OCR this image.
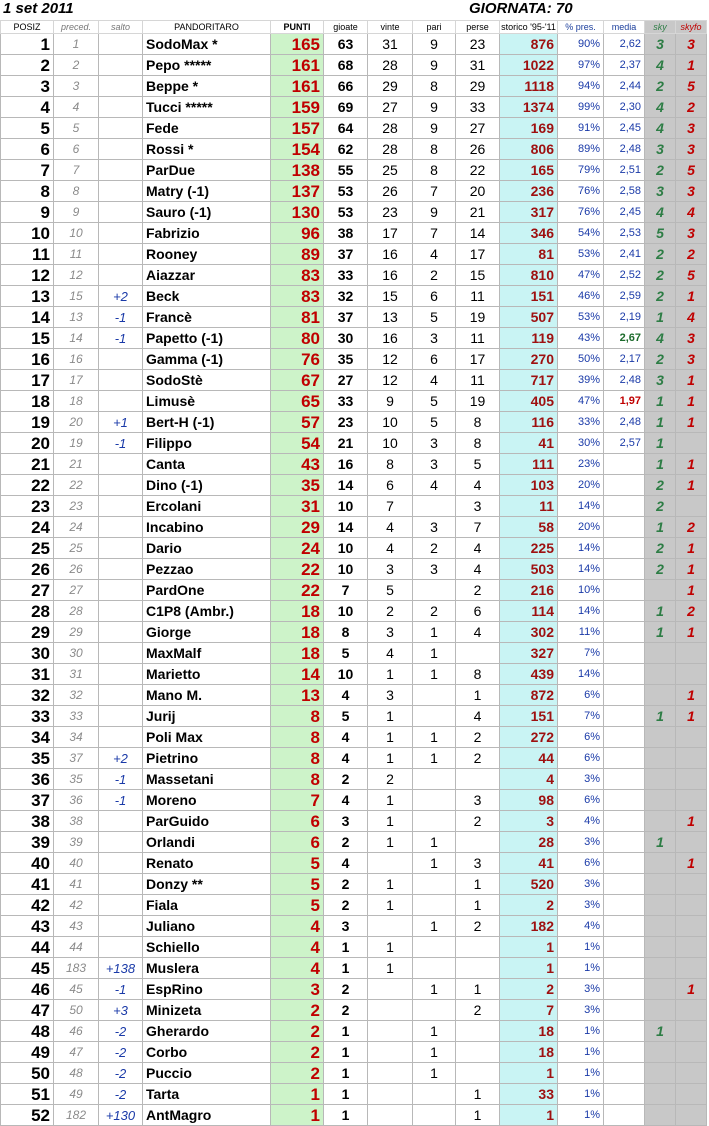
1 set 2011	GIORNATA: 70
POSIZ	preced.	salto	PANDORITARO	PUNTI	gioate	vinte	pari	perse	storico '95-'11	% pres.	media	sky	skyfo
1	1		SodoMax *	165	63	31	9	23	876	90%	2,62	3	3
2	2		Pepo *****	161	68	28	9	31	1022	97%	2,37	4	1
3	3		Beppe *	161	66	29	8	29	1118	94%	2,44	2	5
4	4		Tucci *****	159	69	27	9	33	1374	99%	2,30	4	2
5	5		Fede	157	64	28	9	27	169	91%	2,45	4	3
6	6		Rossi *	154	62	28	8	26	806	89%	2,48	3	3
7	7		ParDue	138	55	25	8	22	165	79%	2,51	2	5
8	8		Matry (-1)	137	53	26	7	20	236	76%	2,58	3	3
9	9		Sauro (-1)	130	53	23	9	21	317	76%	2,45	4	4
10	10		Fabrizio	96	38	17	7	14	346	54%	2,53	5	3
11	11		Rooney	89	37	16	4	17	81	53%	2,41	2	2
12	12		Aiazzar	83	33	16	2	15	810	47%	2,52	2	5
13	15	+2	Beck	83	32	15	6	11	151	46%	2,59	2	1
14	13	-1	Francè	81	37	13	5	19	507	53%	2,19	1	4
15	14	-1	Papetto (-1)	80	30	16	3	11	119	43%	2,67	4	3
16	16		Gamma (-1)	76	35	12	6	17	270	50%	2,17	2	3
17	17		SodoStè	67	27	12	4	11	717	39%	2,48	3	1
18	18		Limusè	65	33	9	5	19	405	47%	1,97	1	1
19	20	+1	Bert-H (-1)	57	23	10	5	8	116	33%	2,48	1	1
20	19	-1	Filippo	54	21	10	3	8	41	30%	2,57	1	
21	21		Canta	43	16	8	3	5	111	23%		1	1
22	22		Dino (-1)	35	14	6	4	4	103	20%		2	1
23	23		Ercolani	31	10	7		3	11	14%		2	
24	24		Incabino	29	14	4	3	7	58	20%		1	2
25	25		Dario	24	10	4	2	4	225	14%		2	1
26	26		Pezzao	22	10	3	3	4	503	14%		2	1
27	27		PardOne	22	7	5		2	216	10%			1
28	28		C1P8 (Ambr.)	18	10	2	2	6	114	14%		1	2
29	29		Giorge	18	8	3	1	4	302	11%		1	1
30	30		MaxMalf	18	5	4	1		327	7%			
31	31		Marietto	14	10	1	1	8	439	14%			
32	32		Mano M.	13	4	3		1	872	6%			1
33	33		Jurij	8	5	1		4	151	7%		1	1
34	34		Poli Max	8	4	1	1	2	272	6%			
35	37	+2	Pietrino	8	4	1	1	2	44	6%			
36	35	-1	Massetani	8	2	2			4	3%			
37	36	-1	Moreno	7	4	1		3	98	6%			
38	38		ParGuido	6	3	1		2	3	4%			1
39	39		Orlandi	6	2	1	1		28	3%		1	
40	40		Renato	5	4		1	3	41	6%			1
41	41		Donzy **	5	2	1		1	520	3%			
42	42		Fiala	5	2	1		1	2	3%			
43	43		Juliano	4	3		1	2	182	4%			
44	44		Schiello	4	1	1			1	1%			
45	183	+138	Muslera	4	1	1			1	1%			
46	45	-1	EspRino	3	2		1	1	2	3%			1
47	50	+3	Minizeta	2	2			2	7	3%			
48	46	-2	Gherardo	2	1		1		18	1%		1	
49	47	-2	Corbo	2	1		1		18	1%			
50	48	-2	Puccio	2	1		1		1	1%			
51	49	-2	Tarta	1	1			1	33	1%			
52	182	+130	AntMagro	1	1			1	1	1%			
